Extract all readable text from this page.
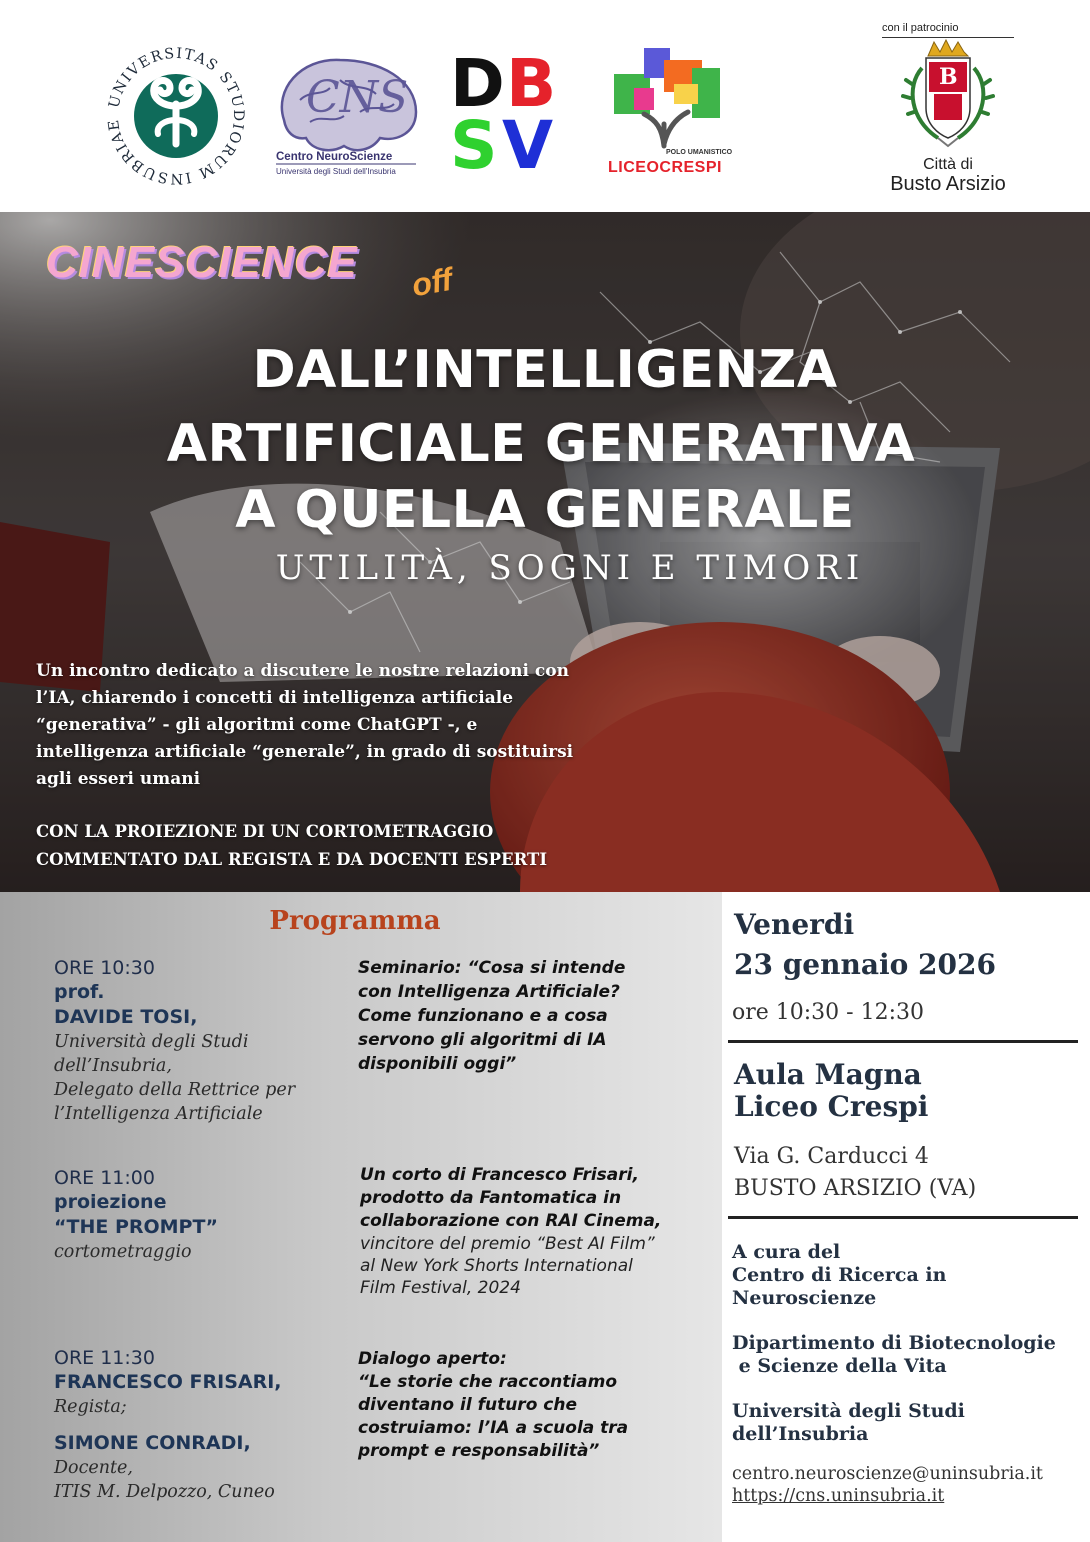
UNIVERSITAS STUDIORUM INSUBRIAE
CNS
Centro NeuroScienze
Università degli Studi dell'Insubria
D B
S V	POLO UMANISTICO
LICEOCRESPI
con il patrocinio
B
Città di
Busto Arsizio
CINESCIENCE off
DALL’INTELLIGENZA
ARTIFICIALE GENERATIVA
A QUELLA GENERALE
UTILITÀ, SOGNI E TIMORI
Un incontro dedicato a discutere le nostre relazioni con
l’IA, chiarendo i concetti di intelligenza artificiale
“generativa” - gli algoritmi come ChatGPT -, e
intelligenza artificiale “generale”, in grado di sostituirsi
agli esseri umani
CON LA PROIEZIONE DI UN CORTOMETRAGGIO
COMMENTATO DAL REGISTA E DA DOCENTI ESPERTI
Programma
ORE 10:30
prof.
DAVIDE TOSI,
Università degli Studi
dell’Insubria,
Delegato della Rettrice per
l’Intelligenza Artificiale
Seminario: “Cosa si intende
con Intelligenza Artificiale?
Come funzionano e a cosa
servono gli algoritmi di IA
disponibili oggi”
ORE 11:00
proiezione
“THE PROMPT”
cortometraggio
Un corto di Francesco Frisari,
prodotto da Fantomatica in
collaborazione con RAI Cinema,
vincitore del premio “Best AI Film”
al New York Shorts International
Film Festival, 2024
ORE 11:30
FRANCESCO FRISARI,
Regista;
SIMONE CONRADI,
Docente,
ITIS M. Delpozzo, Cuneo
Dialogo aperto:
“Le storie che raccontiamo
diventano il futuro che
costruiamo: l’IA a scuola tra
prompt e responsabilità”
Venerdi
23 gennaio 2026
ore 10:30 - 12:30
Aula Magna
Liceo Crespi
Via G. Carducci 4
BUSTO ARSIZIO (VA)
A cura del
Centro di Ricerca in
Neuroscienze
Dipartimento di Biotecnologie
e Scienze della Vita
Università degli Studi
dell’Insubria
centro.neuroscienze@uninsubria.it
https://cns.uninsubria.it
